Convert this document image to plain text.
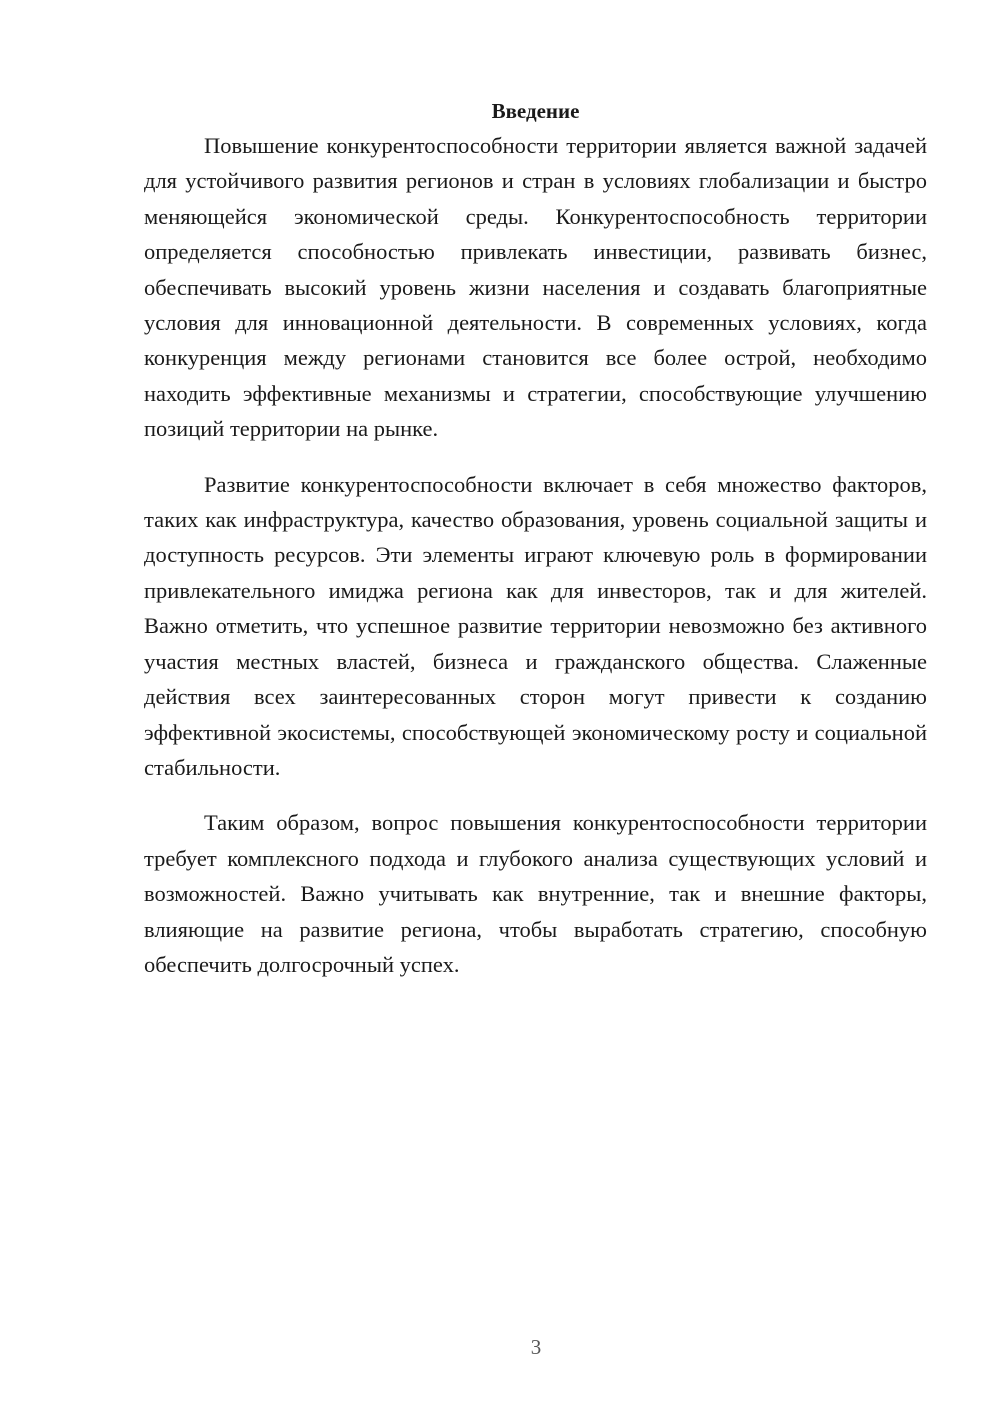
Введение

Повышение конкурентоспособности территории является важной задачей для устойчивого развития регионов и стран в условиях глобализации и быстро меняющейся экономической среды. Конкурентоспособность территории определяется способностью привлекать инвестиции, развивать бизнес, обеспечивать высокий уровень жизни населения и создавать благоприятные условия для инновационной деятельности. В современных условиях, когда конкуренция между регионами становится все более острой, необходимо находить эффективные механизмы и стратегии, способствующие улучшению позиций территории на рынке.

Развитие конкурентоспособности включает в себя множество факторов, таких как инфраструктура, качество образования, уровень социальной защиты и доступность ресурсов. Эти элементы играют ключевую роль в формировании привлекательного имиджа региона как для инвесторов, так и для жителей. Важно отметить, что успешное развитие территории невозможно без активного участия местных властей, бизнеса и гражданского общества. Слаженные действия всех заинтересованных сторон могут привести к созданию эффективной экосистемы, способствующей экономическому росту и социальной стабильности.

Таким образом, вопрос повышения конкурентоспособности территории требует комплексного подхода и глубокого анализа существующих условий и возможностей. Важно учитывать как внутренние, так и внешние факторы, влияющие на развитие региона, чтобы выработать стратегию, способную обеспечить долгосрочный успех.

3
